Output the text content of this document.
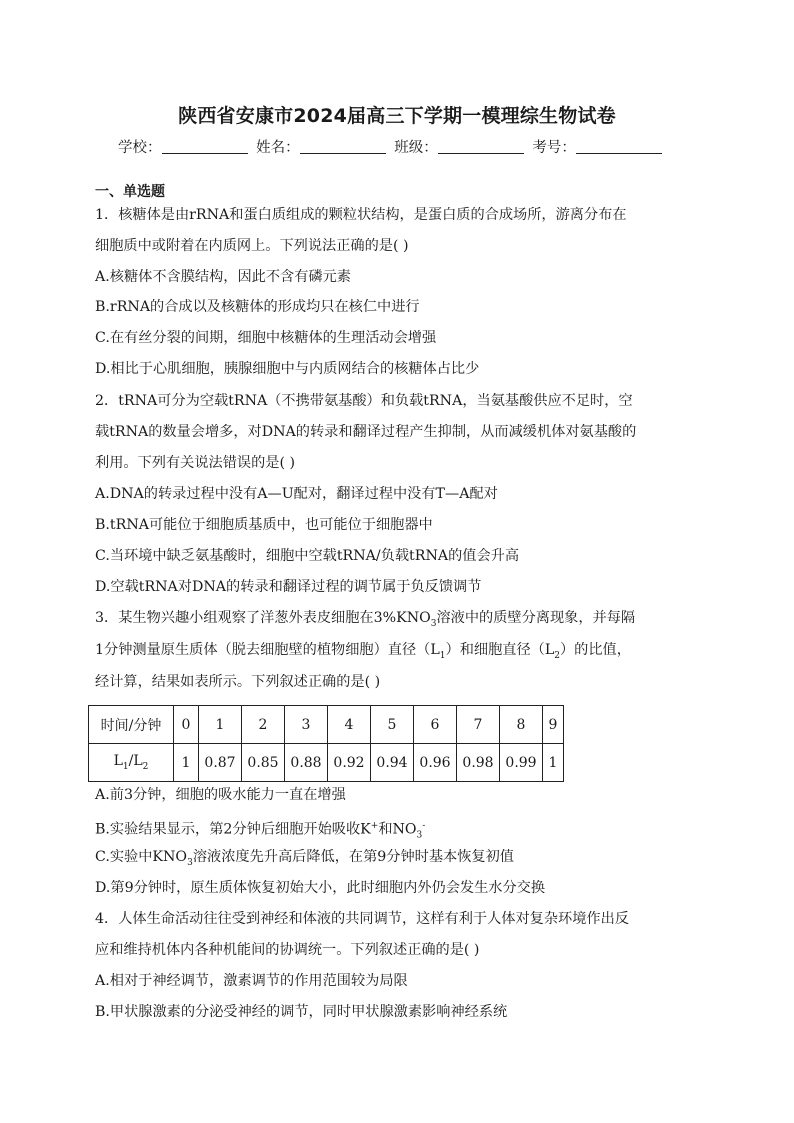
陕西省安康市2024届高三下学期一模理综生物试卷
学校：	姓名：	班级：	考号：
一、单选题
1．核糖体是由rRNA和蛋白质组成的颗粒状结构，是蛋白质的合成场所，游离分布在
细胞质中或附着在内质网上。下列说法正确的是( )
A.核糖体不含膜结构，因此不含有磷元素
B.rRNA的合成以及核糖体的形成均只在核仁中进行
C.在有丝分裂的间期，细胞中核糖体的生理活动会增强
D.相比于心肌细胞，胰腺细胞中与内质网结合的核糖体占比少
2．tRNA可分为空载tRNA（不携带氨基酸）和负载tRNA，当氨基酸供应不足时，空
载tRNA的数量会增多，对DNA的转录和翻译过程产生抑制，从而减缓机体对氨基酸的
利用。下列有关说法错误的是( )
A.DNA的转录过程中没有A—U配对，翻译过程中没有T—A配对
B.tRNA可能位于细胞质基质中，也可能位于细胞器中
C.当环境中缺乏氨基酸时，细胞中空载tRNA/负载tRNA的值会升高
D.空载tRNA对DNA的转录和翻译过程的调节属于负反馈调节
3．某生物兴趣小组观察了洋葱外表皮细胞在$3\%KNO_3$溶液中的质壁分离现象，并每隔
1分钟测量原生质体（脱去细胞壁的植物细胞）直径$(L_1)$和细胞直径$(L_2)$的比值，
经计算，结果如表所示。下列叙述正确的是( )
时间/分钟	0	1	2	3	4	5	6	7	8	9
$L_1/L_2$	1	0.87	0.85	0.88	0.92	0.94	0.96	0.98	0.99	1
A.前3分钟，细胞的吸水能力一直在增强
B.实验结果显示，第2分钟后细胞开始吸收K+和$NO_3^-$
C.实验中$KNO_3$溶液浓度先升高后降低，在第9分钟时基本恢复初值
D.第9分钟时，原生质体恢复初始大小，此时细胞内外仍会发生水分交换
4．人体生命活动往往受到神经和体液的共同调节，这样有利于人体对复杂环境作出反
应和维持机体内各种机能间的协调统一。下列叙述正确的是( )
A.相对于神经调节，激素调节的作用范围较为局限
B.甲状腺激素的分泌受神经的调节，同时甲状腺激素影响神经系统
